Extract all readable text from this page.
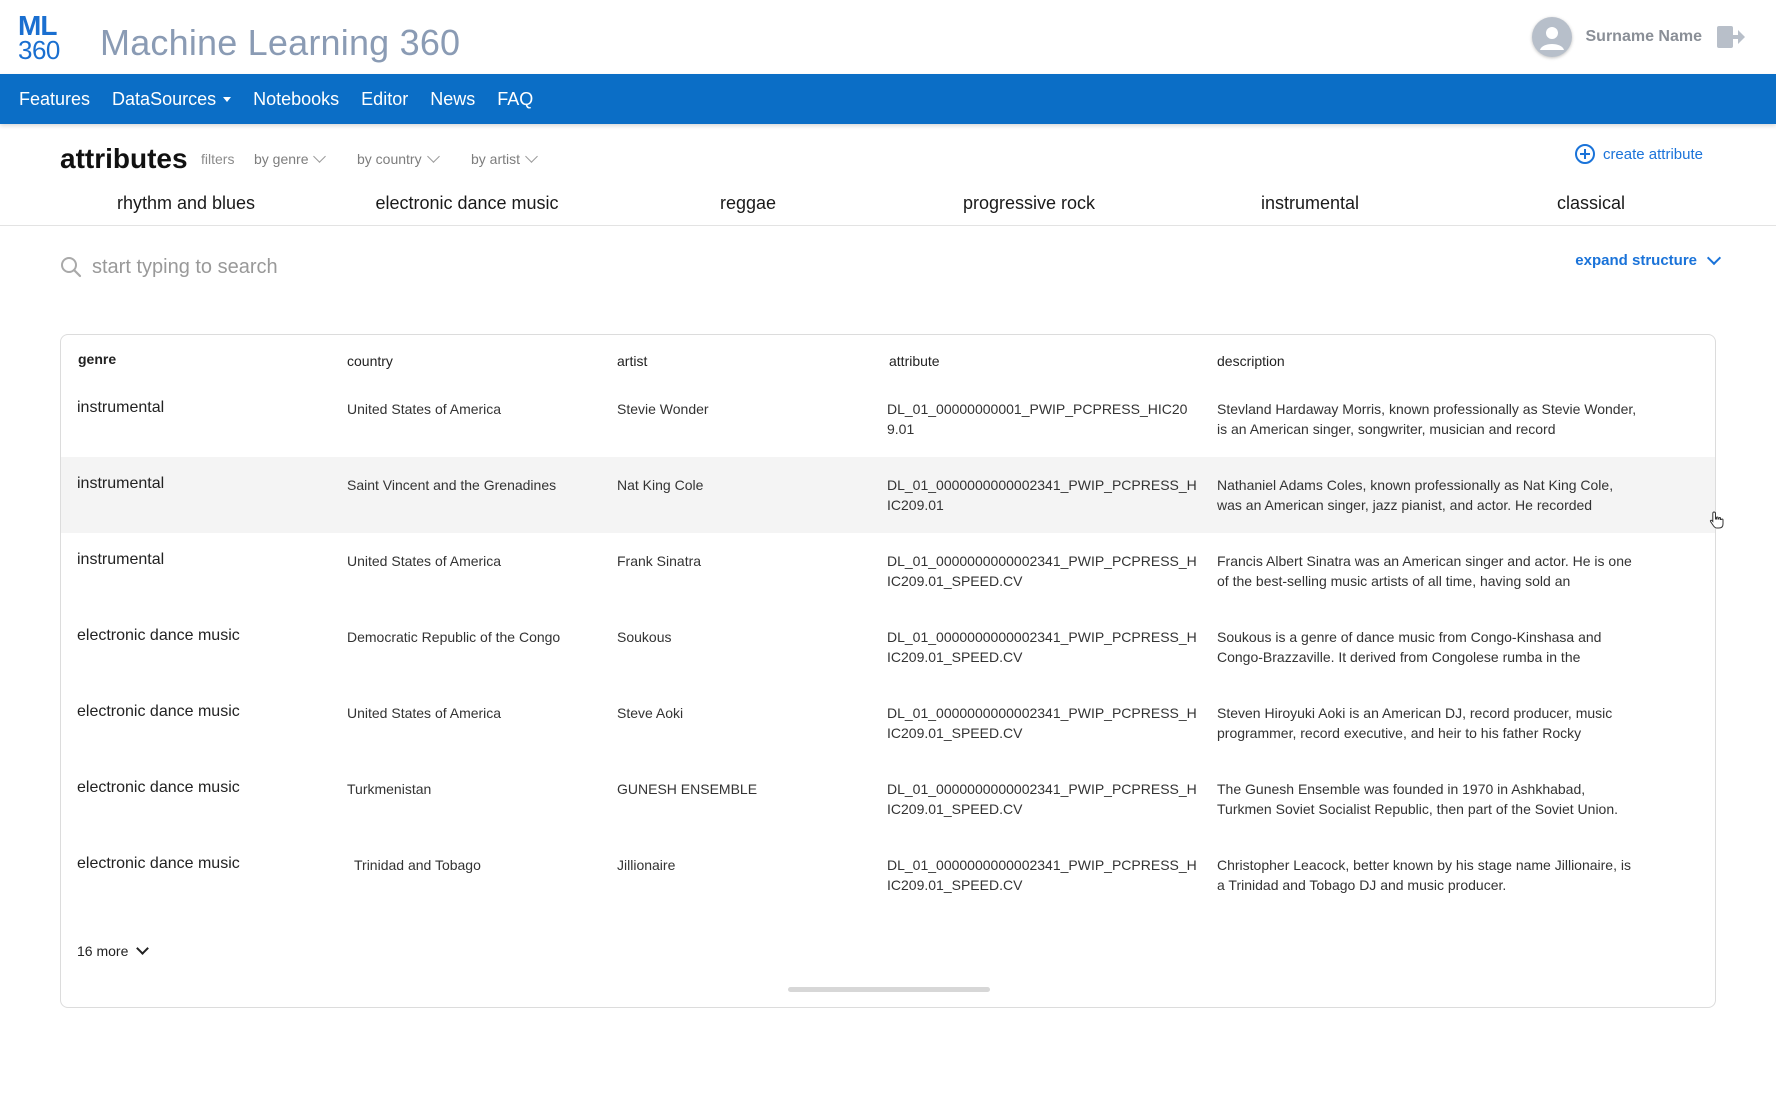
ML
360 Machine Learning 360	Surname Name
Features DataSources Notebooks Editor News FAQ
attributes filters by genre	by country	by artist	create attribute
rhythm and blues	electronic dance music	reggae	progressive rock	instrumental	classical
start typing to search
expand structure
genre	country	artist	attribute	description
instrumental	United States of America	Stevie Wonder	DL_01_00000000001_PWIP_PCPRESS_HIC209.01
Stevland Hardaway Morris, known professionally as Stevie Wonder, is an American singer, songwriter, musician and record
instrumental	Saint Vincent and the Grenadines	Nat King Cole	DL_01_0000000000002341_PWIP_PCPRESS_HIC209.01
Nathaniel Adams Coles, known professionally as Nat King Cole, was an American singer, jazz pianist, and actor. He recorded
instrumental	United States of America	Frank Sinatra	DL_01_0000000000002341_PWIP_PCPRESS_HIC209.01_SPEED.CV
Francis Albert Sinatra was an American singer and actor. He is one of the best-selling music artists of all time, having sold an
electronic dance music	Democratic Republic of the Congo	Soukous	DL_01_0000000000002341_PWIP_PCPRESS_HIC209.01_SPEED.CV
Soukous is a genre of dance music from Congo-Kinshasa and Congo-Brazzaville. It derived from Congolese rumba in the
electronic dance music	United States of America	Steve Aoki	DL_01_0000000000002341_PWIP_PCPRESS_HIC209.01_SPEED.CV
Steven Hiroyuki Aoki is an American DJ, record producer, music programmer, record executive, and heir to his father Rocky
electronic dance music	Turkmenistan	GUNESH ENSEMBLE	DL_01_0000000000002341_PWIP_PCPRESS_HIC209.01_SPEED.CV
The Gunesh Ensemble was founded in 1970 in Ashkhabad, Turkmen Soviet Socialist Republic, then part of the Soviet Union.
electronic dance music	Trinidad and Tobago	Jillionaire	DL_01_0000000000002341_PWIP_PCPRESS_HIC209.01_SPEED.CV
Christopher Leacock, better known by his stage name Jillionaire, is a Trinidad and Tobago DJ and music producer.
16 more
